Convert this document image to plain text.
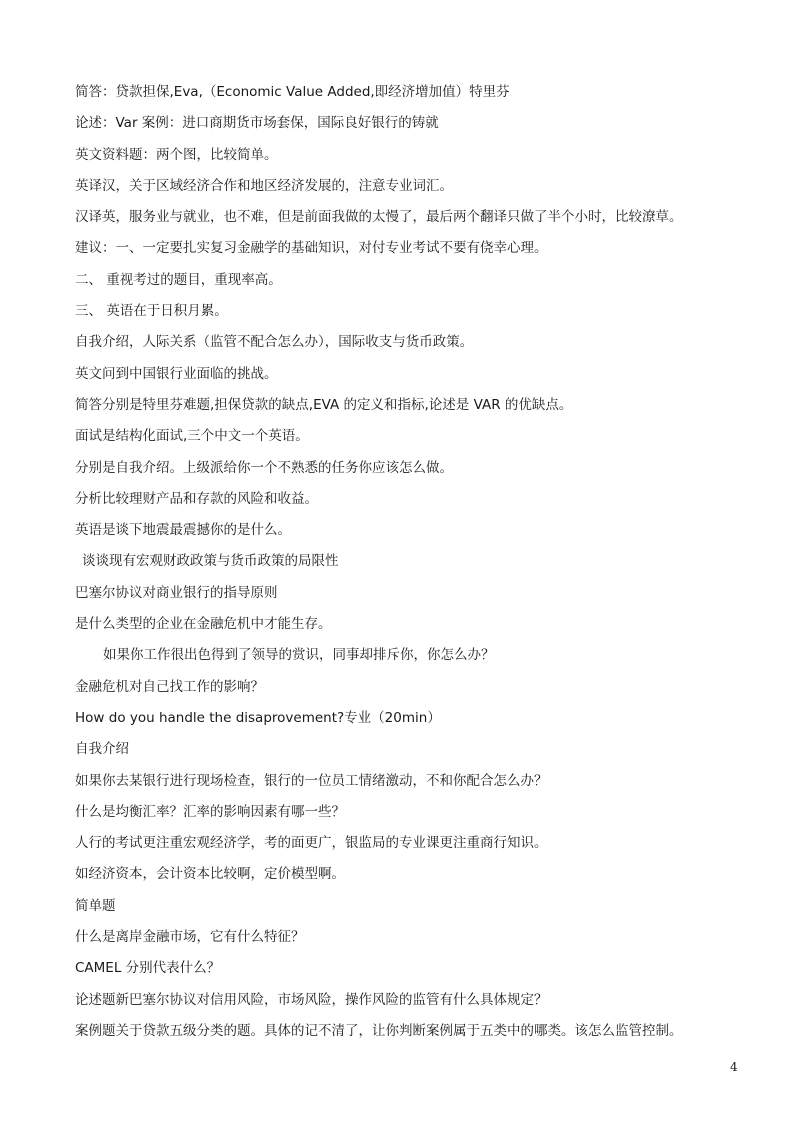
简答：贷款担保,Eva,（Economic Value Added,即经济增加值）特里芬
论述：Var 案例：进口商期货市场套保，国际良好银行的铸就
英文资料题：两个图，比较简单。
英译汉，关于区域经济合作和地区经济发展的，注意专业词汇。
汉译英，服务业与就业，也不难，但是前面我做的太慢了，最后两个翻译只做了半个小时，比较潦草。
建议：一、一定要扎实复习金融学的基础知识，对付专业考试不要有侥幸心理。
二、 重视考过的题目，重现率高。
三、 英语在于日积月累。
自我介绍，人际关系（监管不配合怎么办），国际收支与货币政策。
英文问到中国银行业面临的挑战。
简答分别是特里芬难题,担保贷款的缺点,EVA 的定义和指标,论述是 VAR 的优缺点。
面试是结构化面试,三个中文一个英语。
分别是自我介绍。上级派给你一个不熟悉的任务你应该怎么做。
分析比较理财产品和存款的风险和收益。
英语是谈下地震最震撼你的是什么。
谈谈现有宏观财政政策与货币政策的局限性
巴塞尔协议对商业银行的指导原则
是什么类型的企业在金融危机中才能生存。
如果你工作很出色得到了领导的赏识，同事却排斥你，你怎么办？
金融危机对自己找工作的影响？
How do you handle the disaprovement?专业（20min）
自我介绍
如果你去某银行进行现场检查，银行的一位员工情绪激动，不和你配合怎么办？
什么是均衡汇率？汇率的影响因素有哪一些？
人行的考试更注重宏观经济学，考的面更广，银监局的专业课更注重商行知识。
如经济资本，会计资本比较啊，定价模型啊。
简单题
什么是离岸金融市场，它有什么特征？
CAMEL 分别代表什么？
论述题新巴塞尔协议对信用风险，市场风险，操作风险的监管有什么具体规定？
案例题关于贷款五级分类的题。具体的记不清了，让你判断案例属于五类中的哪类。该怎么监管控制。
4
